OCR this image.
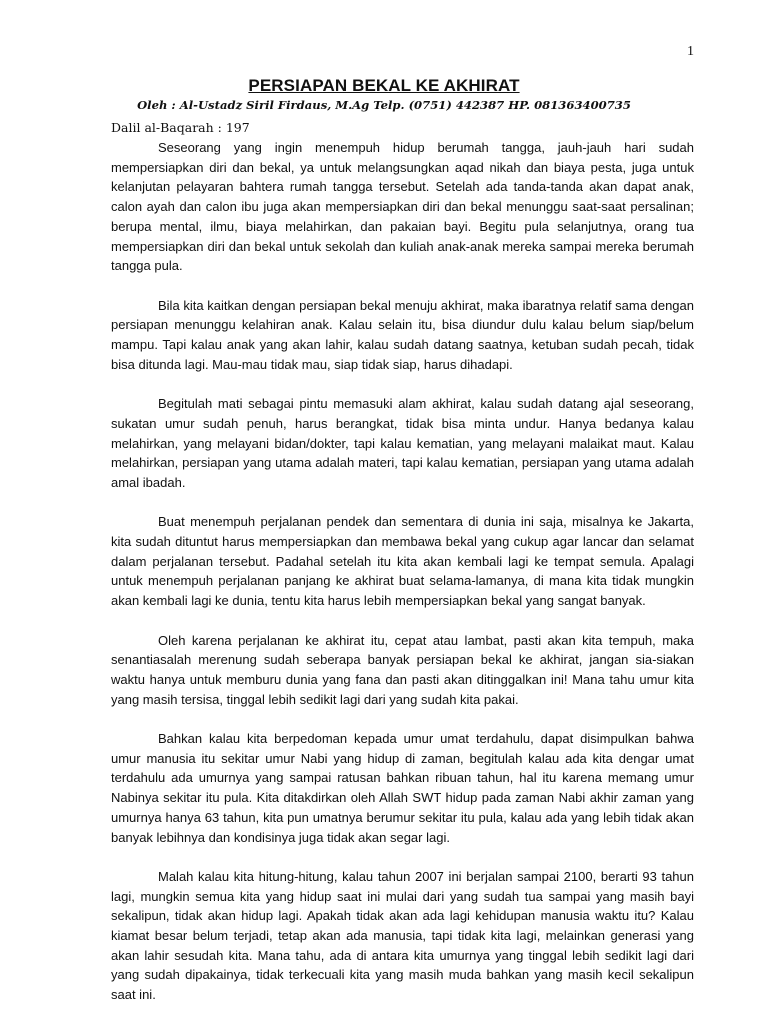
1
PERSIAPAN BEKAL KE AKHIRAT
Oleh : Al-Ustadz Siril Firdaus, M.Ag Telp. (0751) 442387 HP. 081363400735
Dalil al-Baqarah : 197

Seseorang yang ingin menempuh hidup berumah tangga, jauh-jauh hari sudah mempersiapkan diri dan bekal, ya untuk melangsungkan aqad nikah dan biaya pesta, juga untuk kelanjutan pelayaran bahtera rumah tangga tersebut. Setelah ada tanda-tanda akan dapat anak, calon ayah dan calon ibu juga akan mempersiapkan diri dan bekal menunggu saat-saat persalinan; berupa mental, ilmu, biaya melahirkan, dan pakaian bayi. Begitu pula selanjutnya, orang tua mempersiapkan diri dan bekal untuk sekolah dan kuliah anak-anak mereka sampai mereka berumah tangga pula.

Bila kita kaitkan dengan persiapan bekal menuju akhirat, maka ibaratnya relatif sama dengan persiapan menunggu kelahiran anak. Kalau selain itu, bisa diundur dulu kalau belum siap/belum mampu. Tapi kalau anak yang akan lahir, kalau sudah datang saatnya, ketuban sudah pecah, tidak bisa ditunda lagi. Mau-mau tidak mau, siap tidak siap, harus dihadapi.

Begitulah mati sebagai pintu memasuki alam akhirat, kalau sudah datang ajal seseorang, sukatan umur sudah penuh, harus berangkat, tidak bisa minta undur. Hanya bedanya kalau melahirkan, yang melayani bidan/dokter, tapi kalau kematian, yang melayani malaikat maut. Kalau melahirkan, persiapan yang utama adalah materi, tapi kalau kematian, persiapan yang utama adalah amal ibadah.

Buat menempuh perjalanan pendek dan sementara di dunia ini saja, misalnya ke Jakarta, kita sudah dituntut harus mempersiapkan dan membawa bekal yang cukup agar lancar dan selamat dalam perjalanan tersebut. Padahal setelah itu kita akan kembali lagi ke tempat semula. Apalagi untuk menempuh perjalanan panjang ke akhirat buat selama-lamanya, di mana kita tidak mungkin akan kembali lagi ke dunia, tentu kita harus lebih mempersiapkan bekal yang sangat banyak.

Oleh karena perjalanan ke akhirat itu, cepat atau lambat, pasti akan kita tempuh, maka senantiasalah merenung sudah seberapa banyak persiapan bekal ke akhirat, jangan sia-siakan waktu hanya untuk memburu dunia yang fana dan pasti akan ditinggalkan ini! Mana tahu umur kita yang masih tersisa, tinggal lebih sedikit lagi dari yang sudah kita pakai.

Bahkan kalau kita berpedoman kepada umur umat terdahulu, dapat disimpulkan bahwa umur manusia itu sekitar umur Nabi yang hidup di zaman, begitulah kalau ada kita dengar umat terdahulu ada umurnya yang sampai ratusan bahkan ribuan tahun, hal itu karena memang umur Nabinya sekitar itu pula. Kita ditakdirkan oleh Allah SWT hidup pada zaman Nabi akhir zaman yang umurnya hanya 63 tahun, kita pun umatnya berumur sekitar itu pula, kalau ada yang lebih tidak akan banyak lebihnya dan kondisinya juga tidak akan segar lagi.

Malah kalau kita hitung-hitung, kalau tahun 2007 ini berjalan sampai 2100, berarti 93 tahun lagi, mungkin semua kita yang hidup saat ini mulai dari yang sudah tua sampai yang masih bayi sekalipun, tidak akan hidup lagi. Apakah tidak akan ada lagi kehidupan manusia waktu itu? Kalau kiamat besar belum terjadi, tetap akan ada manusia, tapi tidak kita lagi, melainkan generasi yang akan lahir sesudah kita. Mana tahu, ada di antara kita umurnya yang tinggal lebih sedikit lagi dari yang sudah dipakainya, tidak terkecuali kita yang masih muda bahkan yang masih kecil sekalipun saat ini.
